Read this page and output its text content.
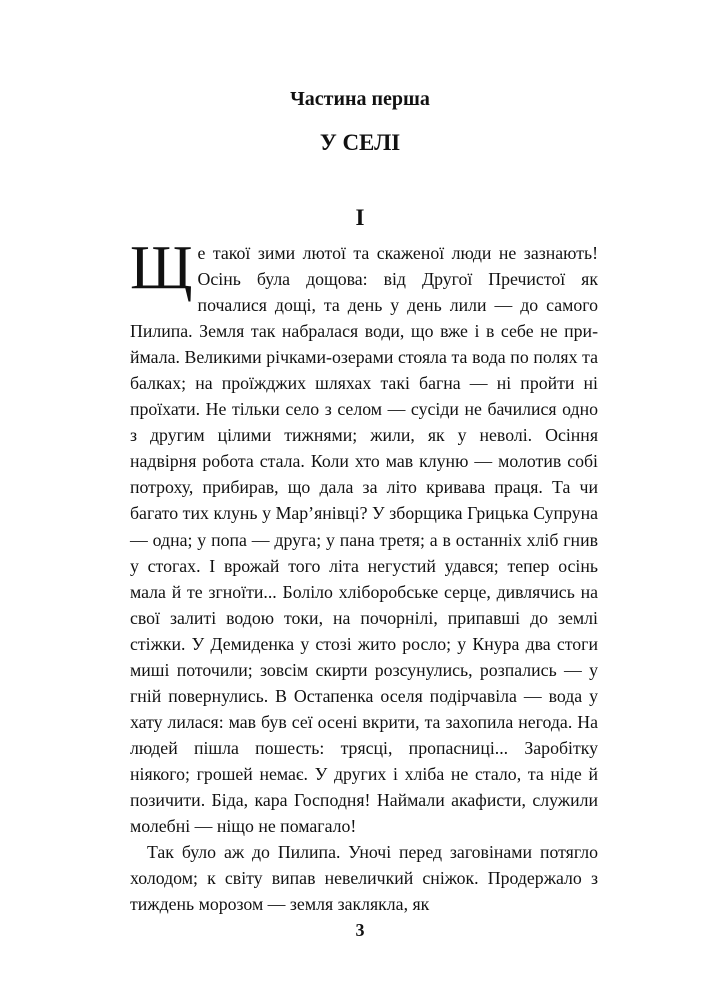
Частина перша
У СЕЛІ
I

Ще такої зими лютої та скаженої люди не зазнають! Осінь була дощова: від Другої Пречистої як почалися дощі, та день у день лили — до самого Пилипа. Земля так набралася води, що вже і в себе не приймала. Великими річками-озерами стояла та вода по полях та балках; на проїжджих шляхах такі багна — ні пройти ні проїхати. Не тільки село з селом — сусіди не бачилися одно з другим цілими тижнями; жили, як у неволі. Осіння надвірня робота стала. Коли хто мав клуню — молотив собі потроху, прибирав, що дала за літо кривава праця. Та чи багато тих клунь у Мар’янівці? У зборщика Грицька Супруна — одна; у попа — друга; у пана третя; а в останніх хліб гнив у стогах. І врожай того літа негустий удався; тепер осінь мала й те згноїти... Боліло хліборобське серце, дивлячись на свої залиті водою токи, на почорнілі, припавші до землі стіжки. У Демиденка у стозі жито росло; у Кнура два стоги миші поточили; зовсім скирти розсунулись, розпались — у гній повернулись. В Остапенка оселя подірчавіла — вода у хату лилася: мав був сеї осені вкрити, та захопила негода. На людей пішла пошесть: трясці, пропасниці... Заробітку ніякого; грошей немає. У других і хліба не стало, та ніде й позичити. Біда, кара Господня! Наймали акафисти, служили молебні — ніщо не помагало!

Так було аж до Пилипа. Уночі перед заговінами потягло холодом; к світу випав невеличкий сніжок. Продержало з тиждень морозом — земля заклякла, як

3
